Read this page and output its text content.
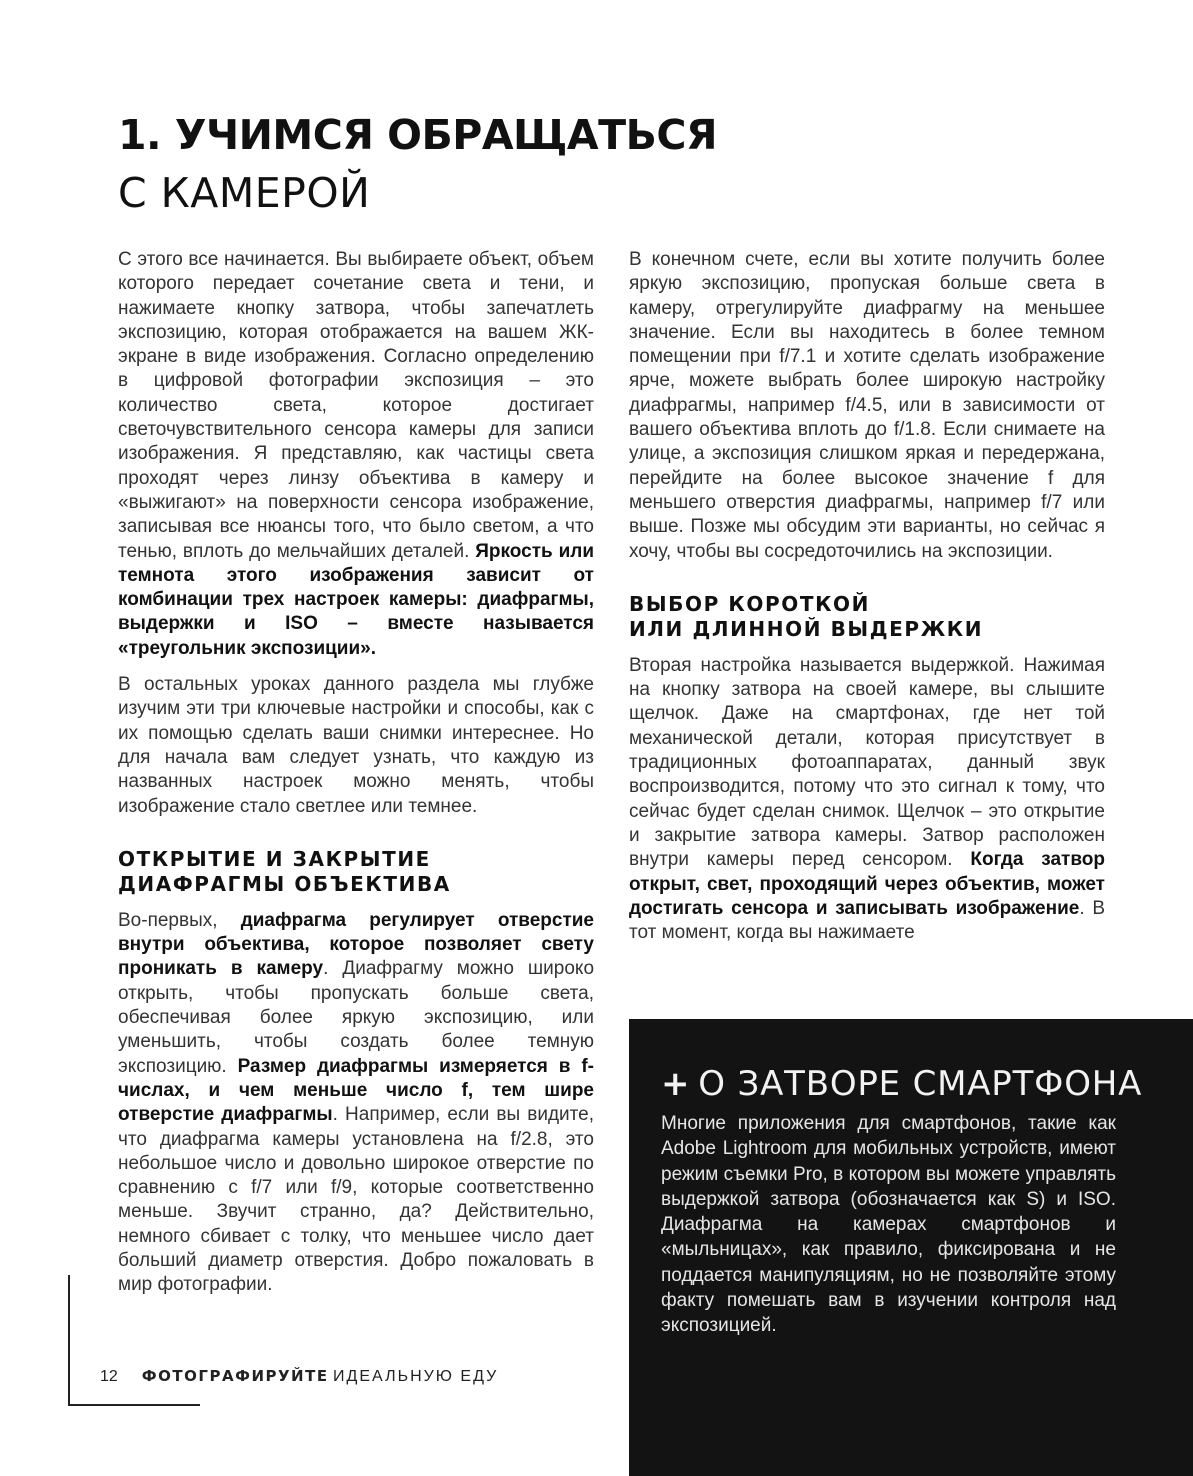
1. УЧИМСЯ ОБРАЩАТЬСЯ
С КАМЕРОЙ

С этого все начинается. Вы выбираете объект, объем которого передает сочетание света и тени, и нажимаете кнопку затвора, чтобы запечатлеть экспозицию, которая отображается на вашем ЖК-экране в виде изображения. Согласно определению в цифровой фотографии экспозиция – это количество света, которое достигает светочувствительного сенсора камеры для записи изображения. Я представляю, как частицы света проходят через линзу объектива в камеру и «выжигают» на поверхности сенсора изображение, записывая все нюансы того, что было светом, а что тенью, вплоть до мельчайших деталей. Яркость или темнота этого изображения зависит от комбинации трех настроек камеры: диафрагмы, выдержки и ISO – вместе называется «треугольник экспозиции».

В остальных уроках данного раздела мы глубже изучим эти три ключевые настройки и способы, как с их помощью сделать ваши снимки интереснее. Но для начала вам следует узнать, что каждую из названных настроек можно менять, чтобы изображение стало светлее или темнее.

ОТКРЫТИЕ И ЗАКРЫТИЕ
ДИАФРАГМЫ ОБЪЕКТИВА

Во-первых, диафрагма регулирует отверстие внутри объектива, которое позволяет свету проникать в камеру. Диафрагму можно широко открыть, чтобы пропускать больше света, обеспечивая более яркую экспозицию, или уменьшить, чтобы создать более темную экспозицию. Размер диафрагмы измеряется в f-числах, и чем меньше число f, тем шире отверстие диафрагмы. Например, если вы видите, что диафрагма камеры установлена на f/2.8, это небольшое число и довольно широкое отверстие по сравнению с f/7 или f/9, которые соответственно меньше. Звучит странно, да? Действительно, немного сбивает с толку, что меньшее число дает больший диаметр отверстия. Добро пожаловать в мир фотографии.

В конечном счете, если вы хотите получить более яркую экспозицию, пропуская больше света в камеру, отрегулируйте диафрагму на меньшее значение. Если вы находитесь в более темном помещении при f/7.1 и хотите сделать изображение ярче, можете выбрать более широкую настройку диафрагмы, например f/4.5, или в зависимости от вашего объектива вплоть до f/1.8. Если снимаете на улице, а экспозиция слишком яркая и передержана, перейдите на более высокое значение f для меньшего отверстия диафрагмы, например f/7 или выше. Позже мы обсудим эти варианты, но сейчас я хочу, чтобы вы сосредоточились на экспозиции.

ВЫБОР КОРОТКОЙ
ИЛИ ДЛИННОЙ ВЫДЕРЖКИ

Вторая настройка называется выдержкой. Нажимая на кнопку затвора на своей камере, вы слышите щелчок. Даже на смартфонах, где нет той механической детали, которая присутствует в традиционных фотоаппаратах, данный звук воспроизводится, потому что это сигнал к тому, что сейчас будет сделан снимок. Щелчок – это открытие и закрытие затвора камеры. Затвор расположен внутри камеры перед сенсором. Когда затвор открыт, свет, проходящий через объектив, может достигать сенсора и записывать изображение. В тот момент, когда вы нажимаете

+ О ЗАТВОРЕ СМАРТФОНА

Многие приложения для смартфонов, такие как Adobe Lightroom для мобильных устройств, имеют режим съемки Pro, в котором вы можете управлять выдержкой затвора (обозначается как S) и ISO. Диафрагма на камерах смартфонов и «мыльницах», как правило, фиксирована и не поддается манипуляциям, но не позволяйте этому факту помешать вам в изучении контроля над экспозицией.

12 ФОТОГРАФИРУЙТЕ ИДЕАЛЬНУЮ ЕДУ
